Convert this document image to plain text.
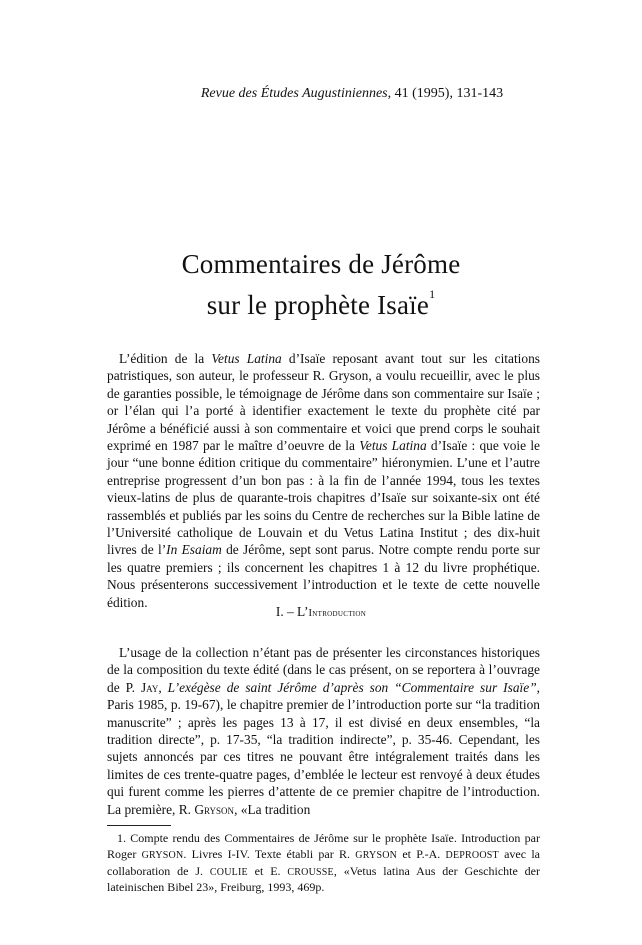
Revue des Études Augustiniennes, 41 (1995), 131-143
Commentaires de Jérôme
sur le prophète Isaïe$^1$

L’édition de la Vetus Latina d’Isaïe reposant avant tout sur les citations patristiques, son auteur, le professeur R. Gryson, a voulu recueillir, avec le plus de garanties possible, le témoignage de Jérôme dans son commentaire sur Isaïe ; or l’élan qui l’a porté à identifier exactement le texte du prophète cité par Jérôme a bénéficié aussi à son commentaire et voici que prend corps le souhait exprimé en 1987 par le maître d’oeuvre de la Vetus Latina d’Isaïe : que voie le jour “une bonne édition critique du commentaire” hiéronymien. L’une et l’autre entreprise progressent d’un bon pas : à la fin de l’année 1994, tous les textes vieux-latins de plus de quarante-trois chapitres d’Isaïe sur soixante-six ont été rassemblés et publiés par les soins du Centre de recherches sur la Bible latine de l’Université catholique de Louvain et du Vetus Latina Institut ; des dix-huit livres de l’In Esaiam de Jérôme, sept sont parus. Notre compte rendu porte sur les quatre premiers ; ils concernent les chapitres 1 à 12 du livre prophétique. Nous présenterons successivement l’introduction et le texte de cette nouvelle édition.

I. – L’Introduction

L’usage de la collection n’étant pas de présenter les circonstances historiques de la composition du texte édité (dans le cas présent, on se reportera à l’ouvrage de P. Jay, L’exégèse de saint Jérôme d’après son “Commentaire sur Isaïe”, Paris 1985, p. 19-67), le chapitre premier de l’introduction porte sur “la tradition manuscrite” ; après les pages 13 à 17, il est divisé en deux ensembles, “la tradition directe”, p. 17-35, “la tradition indirecte”, p. 35-46. Cependant, les sujets annoncés par ces titres ne pouvant être intégralement traités dans les limites de ces trente-quatre pages, d’emblée le lecteur est renvoyé à deux études qui furent comme les pierres d’attente de ce premier chapitre de l’introduction. La première, R. Gryson, «La tradition

1. Compte rendu des Commentaires de Jérôme sur le prophète Isaïe. Introduction par Roger GRYSON. Livres I-IV. Texte établi par R. GRYSON et P.-A. DEPROOST avec la collaboration de J. COULIE et E. CROUSSE, «Vetus latina Aus der Geschichte der lateinischen Bibel 23», Freiburg, 1993, 469p.
